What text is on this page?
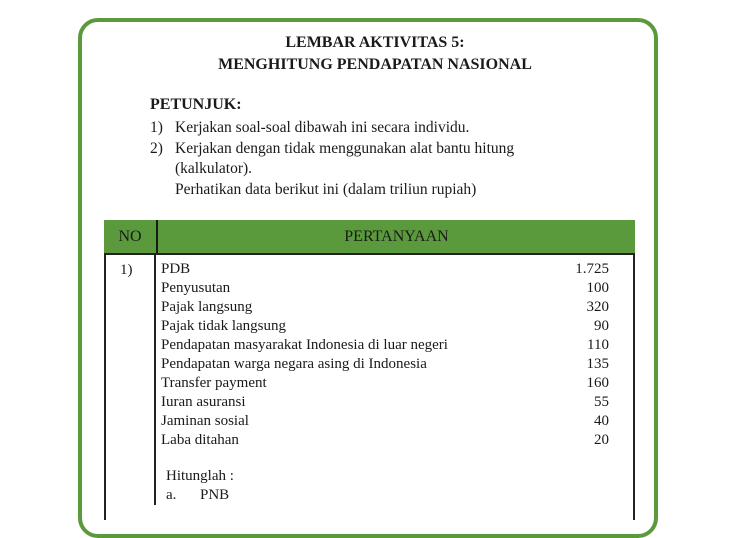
LEMBAR AKTIVITAS 5:
MENGHITUNG PENDAPATAN NASIONAL
PETUNJUK:
1) Kerjakan soal-soal dibawah ini secara individu.
2) Kerjakan dengan tidak menggunakan alat bantu hitung
(kalkulator).
Perhatikan data berikut ini (dalam triliun rupiah)
NO	PERTANYAAN
1) PDB	1.725
Penyusutan	100
Pajak langsung	320
Pajak tidak langsung	90
Pendapatan masyarakat Indonesia di luar negeri	110
Pendapatan warga negara asing di Indonesia	135
Transfer payment	160
Iuran asuransi	55
Jaminan sosial	40
Laba ditahan	20
Hitunglah :
a. PNB
